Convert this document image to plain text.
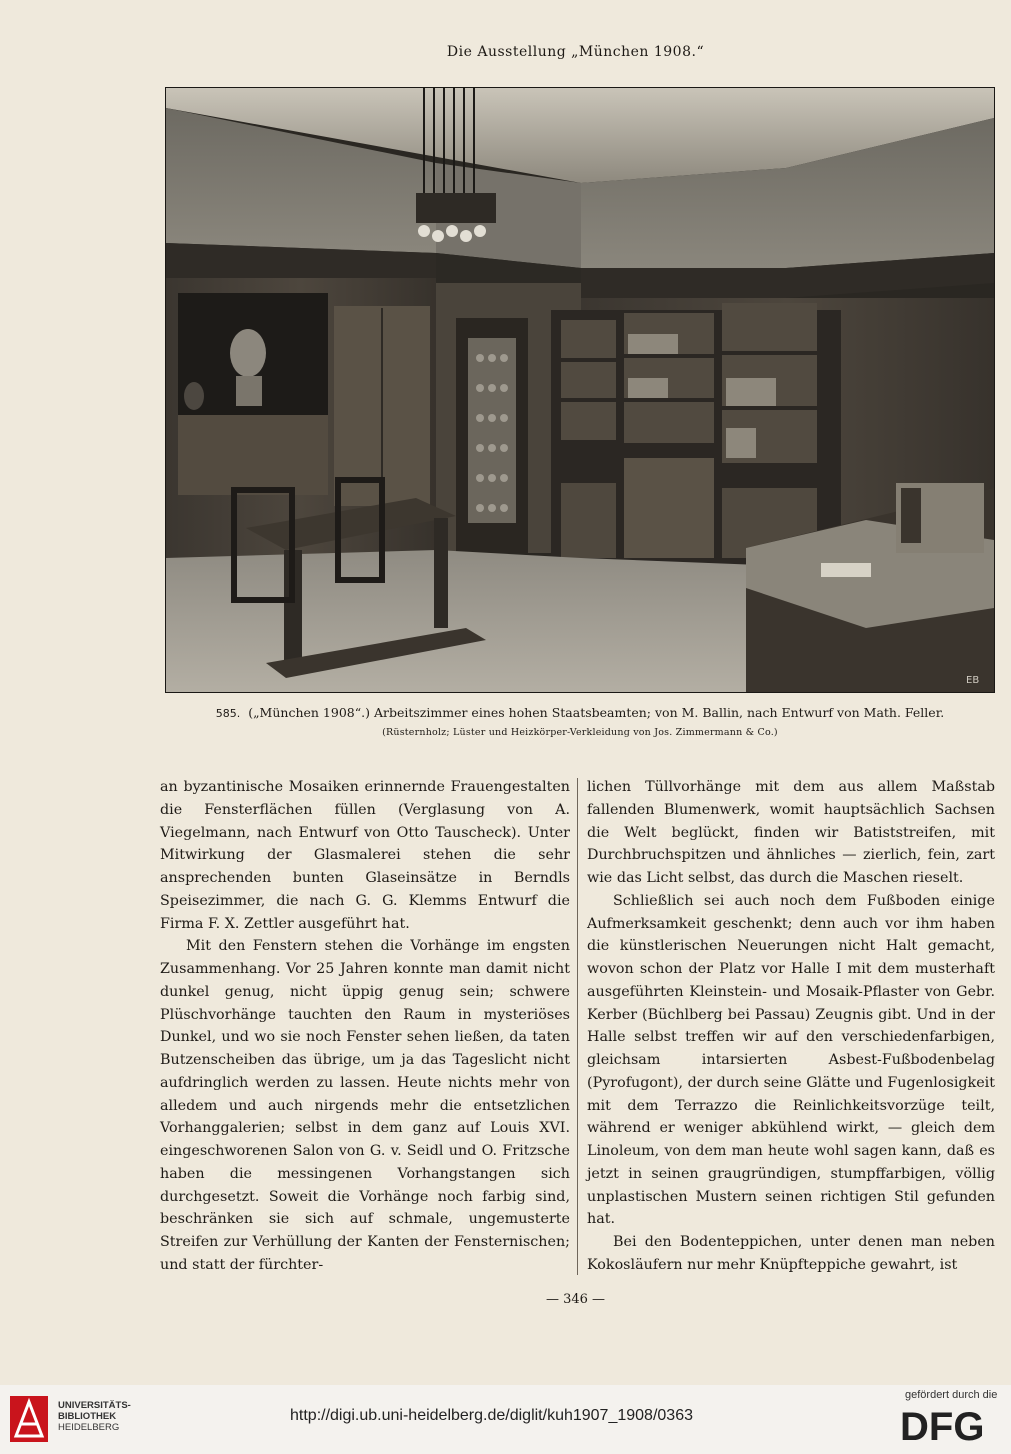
Die Ausstellung „München 1908.“
EB
585. („München 1908“.) Arbeitszimmer eines hohen Staatsbeamten; von M. Ballin, nach Entwurf von Math. Feller.
(Rüsternholz; Lüster und Heizkörper-Verkleidung von Jos. Zimmermann & Co.)

an byzantinische Mosaiken erinnernde Frauengestalten die Fensterflächen füllen (Verglasung von A. Viegelmann, nach Entwurf von Otto Tauscheck). Unter Mitwirkung der Glasmalerei stehen die sehr ansprechenden bunten Glaseinsätze in Berndls Speisezimmer, die nach G. G. Klemms Entwurf die Firma F. X. Zettler ausgeführt hat.

Mit den Fenstern stehen die Vorhänge im engsten Zusammenhang. Vor 25 Jahren konnte man damit nicht dunkel genug, nicht üppig genug sein; schwere Plüschvorhänge tauchten den Raum in mysteriöses Dunkel, und wo sie noch Fenster sehen ließen, da taten Butzenscheiben das übrige, um ja das Tageslicht nicht aufdringlich werden zu lassen. Heute nichts mehr von alledem und auch nirgends mehr die entsetzlichen Vorhanggalerien; selbst in dem ganz auf Louis XVI. eingeschworenen Salon von G. v. Seidl und O. Fritzsche haben die messingenen Vorhangstangen sich durchgesetzt. Soweit die Vorhänge noch farbig sind, beschränken sie sich auf schmale, ungemusterte Streifen zur Verhüllung der Kanten der Fensternischen; und statt der fürchter-

lichen Tüllvorhänge mit dem aus allem Maßstab fallenden Blumenwerk, womit hauptsächlich Sachsen die Welt beglückt, finden wir Batiststreifen, mit Durchbruchspitzen und ähnliches — zierlich, fein, zart wie das Licht selbst, das durch die Maschen rieselt.

Schließlich sei auch noch dem Fußboden einige Aufmerksamkeit geschenkt; denn auch vor ihm haben die künstlerischen Neuerungen nicht Halt gemacht, wovon schon der Platz vor Halle I mit dem musterhaft ausgeführten Kleinstein- und Mosaik-Pflaster von Gebr. Kerber (Büchlberg bei Passau) Zeugnis gibt. Und in der Halle selbst treffen wir auf den verschiedenfarbigen, gleichsam intarsierten Asbest-Fußbodenbelag (Pyrofugont), der durch seine Glätte und Fugenlosigkeit mit dem Terrazzo die Reinlichkeitsvorzüge teilt, während er weniger abkühlend wirkt, — gleich dem Linoleum, von dem man heute wohl sagen kann, daß es jetzt in seinen graugründigen, stumpffarbigen, völlig unplastischen Mustern seinen richtigen Stil gefunden hat.

Bei den Bodenteppichen, unter denen man neben Kokosläufern nur mehr Knüpfteppiche gewahrt, ist

— 346 —
UNIVERSITÄTS-
BIBLIOTHEK
HEIDELBERG
http://digi.ub.uni-heidelberg.de/diglit/kuh1907_1908/0363
gefördert durch die
DFG
